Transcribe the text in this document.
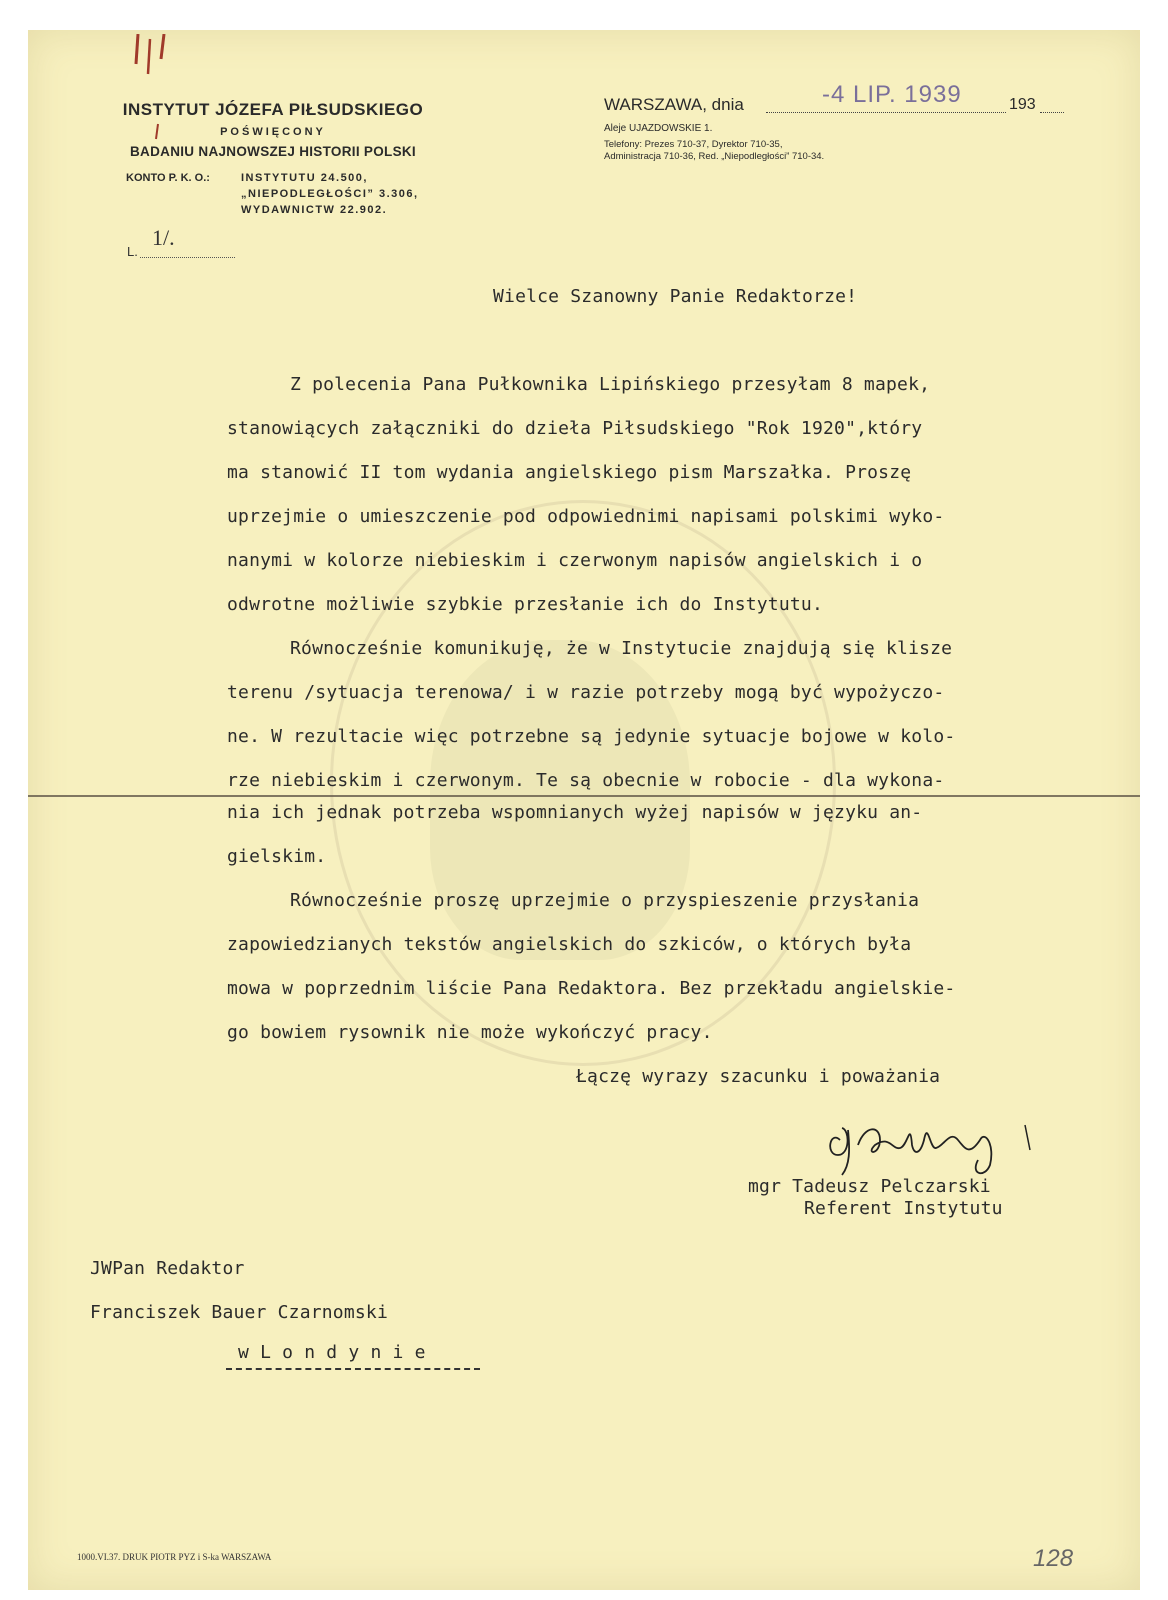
INSTYTUT JÓZEFA PIŁSUDSKIEGO
POŚWIĘCONY
BADANIU NAJNOWSZEJ HISTORII POLSKI
KONTO P. K. O.:	INSTYTUTU 24.500,
„NIEPODLEGŁOŚCI” 3.306,
WYDAWNICTW 22.902.
L.
1/.
WARSZAWA, dnia	-4 LIP. 1939	193
Aleje UJAZDOWSKIE 1.
Telefony: Prezes 710-37, Dyrektor 710-35,
Administracja 710-36, Red. „Niepodległości” 710-34.
Wielce Szanowny Panie Redaktorze!
Z polecenia Pana Pułkownika Lipińskiego przesyłam 8 mapek,
stanowiących załączniki do dzieła Piłsudskiego "Rok 1920",który
ma stanowić II tom wydania angielskiego pism Marszałka. Proszę
uprzejmie o umieszczenie pod odpowiednimi napisami polskimi wyko-
nanymi w kolorze niebieskim i czerwonym napisów angielskich i o
odwrotne możliwie szybkie przesłanie ich do Instytutu.
Równocześnie komunikuję, że w Instytucie znajdują się klisze
terenu /sytuacja terenowa/ i w razie potrzeby mogą być wypożyczo-
ne. W rezultacie więc potrzebne są jedynie sytuacje bojowe w kolo-
rze niebieskim i czerwonym. Te są obecnie w robocie - dla wykona-
nia ich jednak potrzeba wspomnianych wyżej napisów w języku an-
gielskim.
Równocześnie proszę uprzejmie o przyspieszenie przysłania
zapowiedzianych tekstów angielskich do szkiców, o których była
mowa w poprzednim liście Pana Redaktora. Bez przekładu angielskie-
go bowiem rysownik nie może wykończyć pracy.
Łączę wyrazy szacunku i poważania
mgr Tadeusz Pelczarski
Referent Instytutu
JWPan Redaktor
Franciszek Bauer Czarnomski
w L o n d y n i e
1000.VI.37. DRUK PIOTR PYZ i S-ka WARSZAWA	128
